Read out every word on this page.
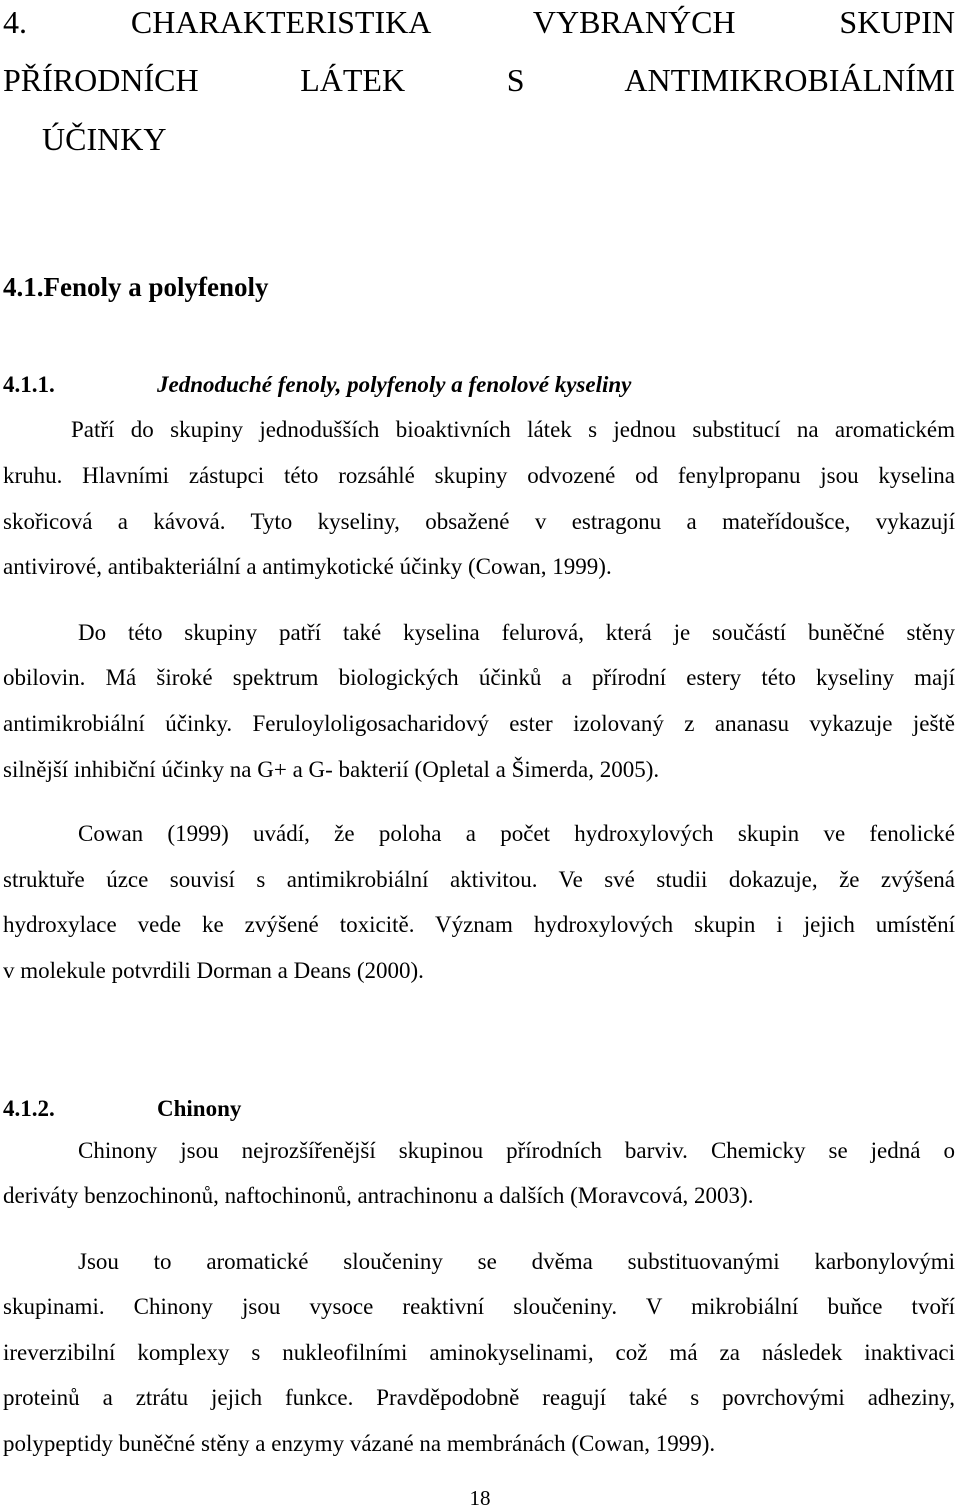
4. CHARAKTERISTIKA VYBRANÝCH SKUPIN
PŘÍRODNÍCH LÁTEK S ANTIMIKROBIÁLNÍMI
ÚČINKY
4.1.Fenoly a polyfenoly
4.1.1.	Jednoduché fenoly, polyfenoly a fenolové kyseliny
Patří do skupiny jednodušších bioaktivních látek s jednou substitucí na aromatickém
kruhu. Hlavními zástupci této rozsáhlé skupiny odvozené od fenylpropanu jsou kyselina
skořicová a kávová. Tyto kyseliny, obsažené v estragonu a mateřídoušce, vykazují
antivirové, antibakteriální a antimykotické účinky (Cowan, 1999).
Do této skupiny patří také kyselina felurová, která je součástí buněčné stěny
obilovin. Má široké spektrum biologických účinků a přírodní estery této kyseliny mají
antimikrobiální účinky. Feruloyloligosacharidový ester izolovaný z ananasu vykazuje ještě
silnější inhibiční účinky na G+ a G- bakterií (Opletal a Šimerda, 2005).
Cowan (1999) uvádí, že poloha a počet hydroxylových skupin ve fenolické
struktuře úzce souvisí s antimikrobiální aktivitou. Ve své studii dokazuje, že zvýšená
hydroxylace vede ke zvýšené toxicitě. Význam hydroxylových skupin i jejich umístění
v molekule potvrdili Dorman a Deans (2000).
4.1.2.	Chinony
Chinony jsou nejrozšířenější skupinou přírodních barviv. Chemicky se jedná o
deriváty benzochinonů, naftochinonů, antrachinonu a dalších (Moravcová, 2003).
Jsou to aromatické sloučeniny se dvěma substituovanými karbonylovými
skupinami. Chinony jsou vysoce reaktivní sloučeniny. V mikrobiální buňce tvoří
ireverzibilní komplexy s nukleofilními aminokyselinami, což má za následek inaktivaci
proteinů a ztrátu jejich funkce. Pravděpodobně reagují také s povrchovými adheziny,
polypeptidy buněčné stěny a enzymy vázané na membránách (Cowan, 1999).
18
